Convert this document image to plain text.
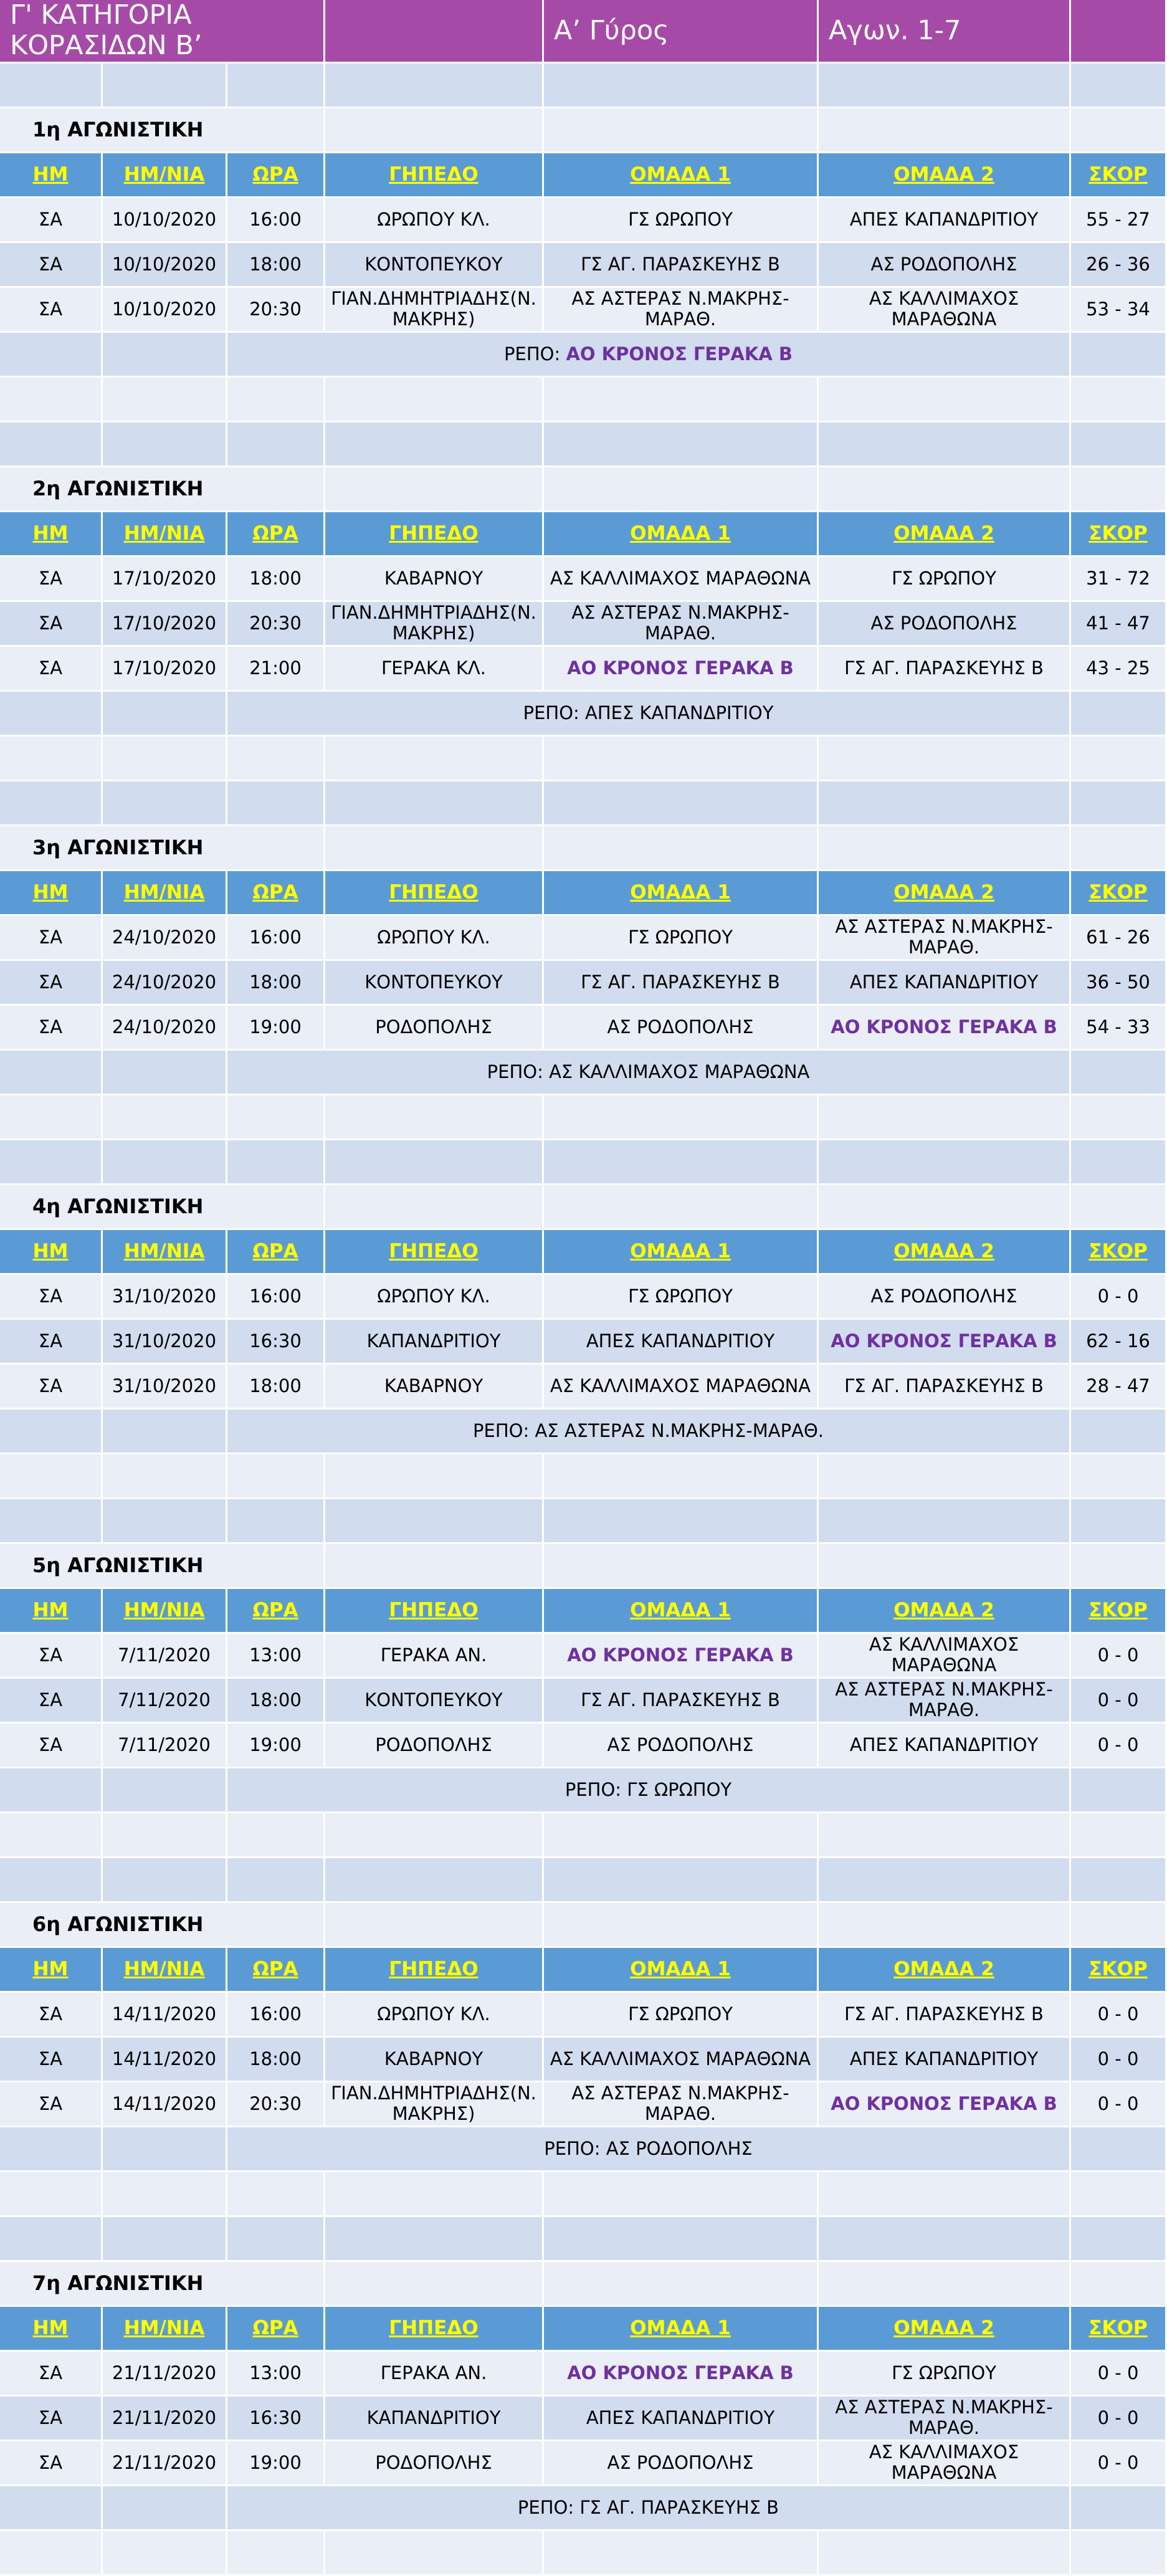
Γ' ΚΑΤΗΓΟΡΙΑ ΚΟΡΑΣΙΔΩΝ Β’				Α’ Γύρος	Αγων. 1-7	

1η ΑΓΩΝΙΣΤΙΚΗ						
ΗΜ	ΗΜ/ΝΙΑ	ΩΡΑ	ΓΗΠΕΔΟ	ΟΜΑΔΑ 1	ΟΜΑΔΑ 2	ΣΚΟΡ
ΣΑ	10/10/2020	16:00	ΩΡΩΠΟΥ ΚΛ.	ΓΣ ΩΡΩΠΟΥ	ΑΠΕΣ ΚΑΠΑΝΔΡΙΤΙΟΥ	55 - 27
ΣΑ	10/10/2020	18:00	ΚΟΝΤΟΠΕΥΚΟΥ	ΓΣ ΑΓ. ΠΑΡΑΣΚΕΥΗΣ Β	ΑΣ ΡΟΔΟΠΟΛΗΣ	26 - 36
ΣΑ	10/10/2020	20:30	ΓΙΑΝ.ΔΗΜΗΤΡΙΑΔΗΣ(Ν. ΜΑΚΡΗΣ)	ΑΣ ΑΣΤΕΡΑΣ Ν.ΜΑΚΡΗΣ-ΜΑΡΑΘ.	ΑΣ ΚΑΛΛΙΜΑΧΟΣ ΜΑΡΑΘΩΝΑ	53 - 34
		ΡΕΠΟ: ΑΟ ΚΡΟΝΟΣ ΓΕΡΑΚΑ Β				

2η ΑΓΩΝΙΣΤΙΚΗ						
ΗΜ	ΗΜ/ΝΙΑ	ΩΡΑ	ΓΗΠΕΔΟ	ΟΜΑΔΑ 1	ΟΜΑΔΑ 2	ΣΚΟΡ
ΣΑ	17/10/2020	18:00	ΚΑΒΑΡΝΟΥ	ΑΣ ΚΑΛΛΙΜΑΧΟΣ ΜΑΡΑΘΩΝΑ	ΓΣ ΩΡΩΠΟΥ	31 - 72
ΣΑ	17/10/2020	20:30	ΓΙΑΝ.ΔΗΜΗΤΡΙΑΔΗΣ(Ν. ΜΑΚΡΗΣ)	ΑΣ ΑΣΤΕΡΑΣ Ν.ΜΑΚΡΗΣ-ΜΑΡΑΘ.	ΑΣ ΡΟΔΟΠΟΛΗΣ	41 - 47
ΣΑ	17/10/2020	21:00	ΓΕΡΑΚΑ ΚΛ.	ΑΟ ΚΡΟΝΟΣ ΓΕΡΑΚΑ Β	ΓΣ ΑΓ. ΠΑΡΑΣΚΕΥΗΣ Β	43 - 25
		ΡΕΠΟ: ΑΠΕΣ ΚΑΠΑΝΔΡΙΤΙΟΥ				

3η ΑΓΩΝΙΣΤΙΚΗ						
ΗΜ	ΗΜ/ΝΙΑ	ΩΡΑ	ΓΗΠΕΔΟ	ΟΜΑΔΑ 1	ΟΜΑΔΑ 2	ΣΚΟΡ
ΣΑ	24/10/2020	16:00	ΩΡΩΠΟΥ ΚΛ.	ΓΣ ΩΡΩΠΟΥ	ΑΣ ΑΣΤΕΡΑΣ Ν.ΜΑΚΡΗΣ-ΜΑΡΑΘ.	61 - 26
ΣΑ	24/10/2020	18:00	ΚΟΝΤΟΠΕΥΚΟΥ	ΓΣ ΑΓ. ΠΑΡΑΣΚΕΥΗΣ Β	ΑΠΕΣ ΚΑΠΑΝΔΡΙΤΙΟΥ	36 - 50
ΣΑ	24/10/2020	19:00	ΡΟΔΟΠΟΛΗΣ	ΑΣ ΡΟΔΟΠΟΛΗΣ	ΑΟ ΚΡΟΝΟΣ ΓΕΡΑΚΑ Β	54 - 33
		ΡΕΠΟ: ΑΣ ΚΑΛΛΙΜΑΧΟΣ ΜΑΡΑΘΩΝΑ				

4η ΑΓΩΝΙΣΤΙΚΗ						
ΗΜ	ΗΜ/ΝΙΑ	ΩΡΑ	ΓΗΠΕΔΟ	ΟΜΑΔΑ 1	ΟΜΑΔΑ 2	ΣΚΟΡ
ΣΑ	31/10/2020	16:00	ΩΡΩΠΟΥ ΚΛ.	ΓΣ ΩΡΩΠΟΥ	ΑΣ ΡΟΔΟΠΟΛΗΣ	0 - 0
ΣΑ	31/10/2020	16:30	ΚΑΠΑΝΔΡΙΤΙΟΥ	ΑΠΕΣ ΚΑΠΑΝΔΡΙΤΙΟΥ	ΑΟ ΚΡΟΝΟΣ ΓΕΡΑΚΑ Β	62 - 16
ΣΑ	31/10/2020	18:00	ΚΑΒΑΡΝΟΥ	ΑΣ ΚΑΛΛΙΜΑΧΟΣ ΜΑΡΑΘΩΝΑ	ΓΣ ΑΓ. ΠΑΡΑΣΚΕΥΗΣ Β	28 - 47
		ΡΕΠΟ: ΑΣ ΑΣΤΕΡΑΣ Ν.ΜΑΚΡΗΣ-ΜΑΡΑΘ.				

5η ΑΓΩΝΙΣΤΙΚΗ						
ΗΜ	ΗΜ/ΝΙΑ	ΩΡΑ	ΓΗΠΕΔΟ	ΟΜΑΔΑ 1	ΟΜΑΔΑ 2	ΣΚΟΡ
ΣΑ	7/11/2020	13:00	ΓΕΡΑΚΑ ΑΝ.	ΑΟ ΚΡΟΝΟΣ ΓΕΡΑΚΑ Β	ΑΣ ΚΑΛΛΙΜΑΧΟΣ ΜΑΡΑΘΩΝΑ	0 - 0
ΣΑ	7/11/2020	18:00	ΚΟΝΤΟΠΕΥΚΟΥ	ΓΣ ΑΓ. ΠΑΡΑΣΚΕΥΗΣ Β	ΑΣ ΑΣΤΕΡΑΣ Ν.ΜΑΚΡΗΣ-ΜΑΡΑΘ.	0 - 0
ΣΑ	7/11/2020	19:00	ΡΟΔΟΠΟΛΗΣ	ΑΣ ΡΟΔΟΠΟΛΗΣ	ΑΠΕΣ ΚΑΠΑΝΔΡΙΤΙΟΥ	0 - 0
		ΡΕΠΟ: ΓΣ ΩΡΩΠΟΥ				

6η ΑΓΩΝΙΣΤΙΚΗ						
ΗΜ	ΗΜ/ΝΙΑ	ΩΡΑ	ΓΗΠΕΔΟ	ΟΜΑΔΑ 1	ΟΜΑΔΑ 2	ΣΚΟΡ
ΣΑ	14/11/2020	16:00	ΩΡΩΠΟΥ ΚΛ.	ΓΣ ΩΡΩΠΟΥ	ΓΣ ΑΓ. ΠΑΡΑΣΚΕΥΗΣ Β	0 - 0
ΣΑ	14/11/2020	18:00	ΚΑΒΑΡΝΟΥ	ΑΣ ΚΑΛΛΙΜΑΧΟΣ ΜΑΡΑΘΩΝΑ	ΑΠΕΣ ΚΑΠΑΝΔΡΙΤΙΟΥ	0 - 0
ΣΑ	14/11/2020	20:30	ΓΙΑΝ.ΔΗΜΗΤΡΙΑΔΗΣ(Ν. ΜΑΚΡΗΣ)	ΑΣ ΑΣΤΕΡΑΣ Ν.ΜΑΚΡΗΣ-ΜΑΡΑΘ.	ΑΟ ΚΡΟΝΟΣ ΓΕΡΑΚΑ Β	0 - 0
		ΡΕΠΟ: ΑΣ ΡΟΔΟΠΟΛΗΣ				

7η ΑΓΩΝΙΣΤΙΚΗ						
ΗΜ	ΗΜ/ΝΙΑ	ΩΡΑ	ΓΗΠΕΔΟ	ΟΜΑΔΑ 1	ΟΜΑΔΑ 2	ΣΚΟΡ
ΣΑ	21/11/2020	13:00	ΓΕΡΑΚΑ ΑΝ.	ΑΟ ΚΡΟΝΟΣ ΓΕΡΑΚΑ Β	ΓΣ ΩΡΩΠΟΥ	0 - 0
ΣΑ	21/11/2020	16:30	ΚΑΠΑΝΔΡΙΤΙΟΥ	ΑΠΕΣ ΚΑΠΑΝΔΡΙΤΙΟΥ	ΑΣ ΑΣΤΕΡΑΣ Ν.ΜΑΚΡΗΣ-ΜΑΡΑΘ.	0 - 0
ΣΑ	21/11/2020	19:00	ΡΟΔΟΠΟΛΗΣ	ΑΣ ΡΟΔΟΠΟΛΗΣ	ΑΣ ΚΑΛΛΙΜΑΧΟΣ ΜΑΡΑΘΩΝΑ	0 - 0
		ΡΕΠΟ: ΓΣ ΑΓ. ΠΑΡΑΣΚΕΥΗΣ Β				
